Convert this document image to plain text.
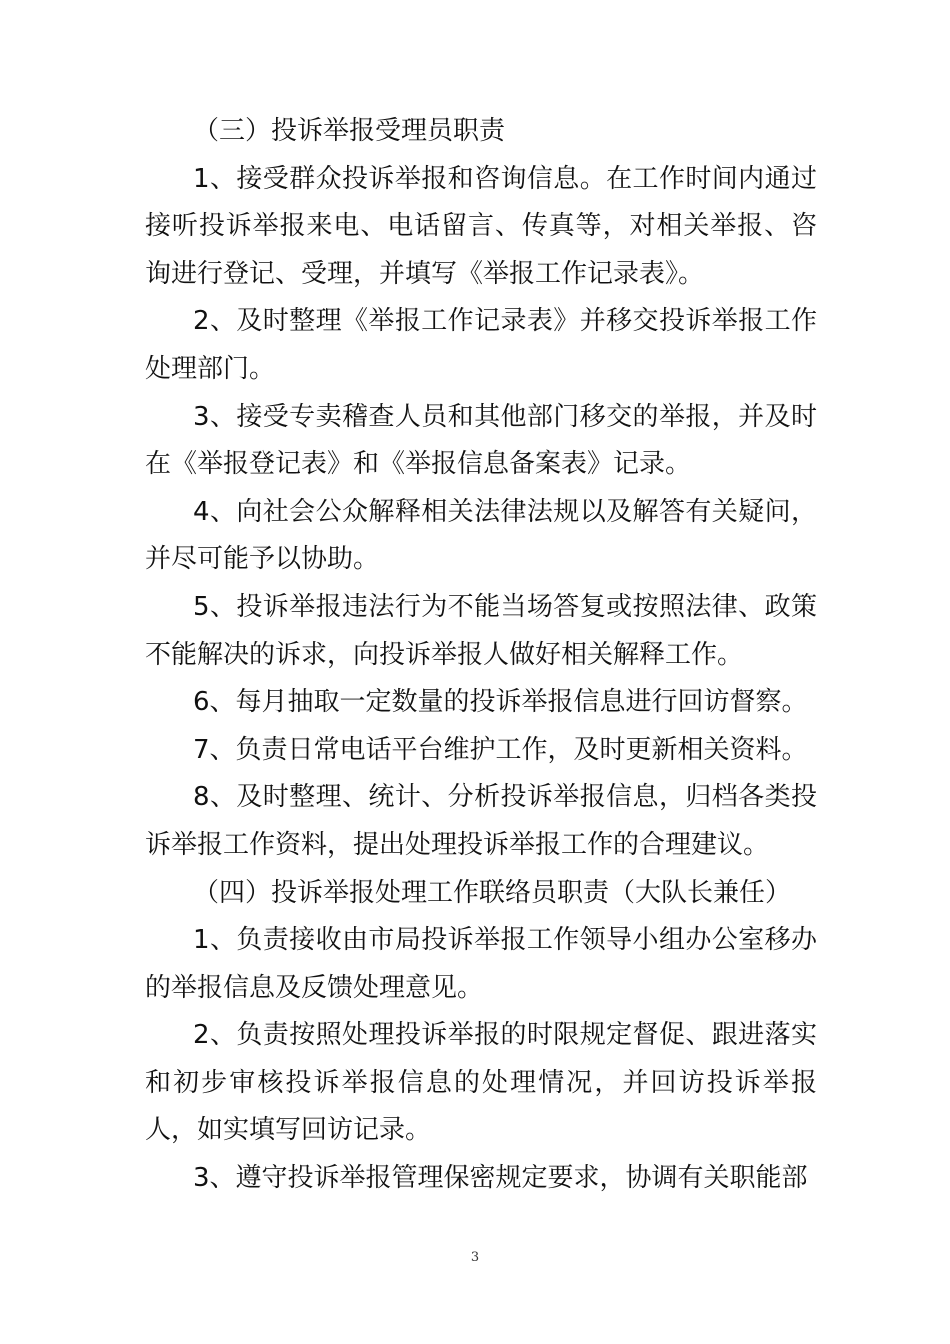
（三）投诉举报受理员职责

1、接受群众投诉举报和咨询信息。在工作时间内通过接听投诉举报来电、电话留言、传真等，对相关举报、咨询进行登记、受理，并填写《举报工作记录表》。

2、及时整理《举报工作记录表》并移交投诉举报工作处理部门。

3、接受专卖稽查人员和其他部门移交的举报，并及时在《举报登记表》和《举报信息备案表》记录。

4、向社会公众解释相关法律法规以及解答有关疑问，并尽可能予以协助。

5、投诉举报违法行为不能当场答复或按照法律、政策不能解决的诉求，向投诉举报人做好相关解释工作。

6、每月抽取一定数量的投诉举报信息进行回访督察。

7、负责日常电话平台维护工作，及时更新相关资料。

8、及时整理、统计、分析投诉举报信息，归档各类投诉举报工作资料，提出处理投诉举报工作的合理建议。

（四）投诉举报处理工作联络员职责（大队长兼任）

1、负责接收由市局投诉举报工作领导小组办公室移办的举报信息及反馈处理意见。

2、负责按照处理投诉举报的时限规定督促、跟进落实和初步审核投诉举报信息的处理情况，并回访投诉举报人，如实填写回访记录。

3、遵守投诉举报管理保密规定要求，协调有关职能部

3
